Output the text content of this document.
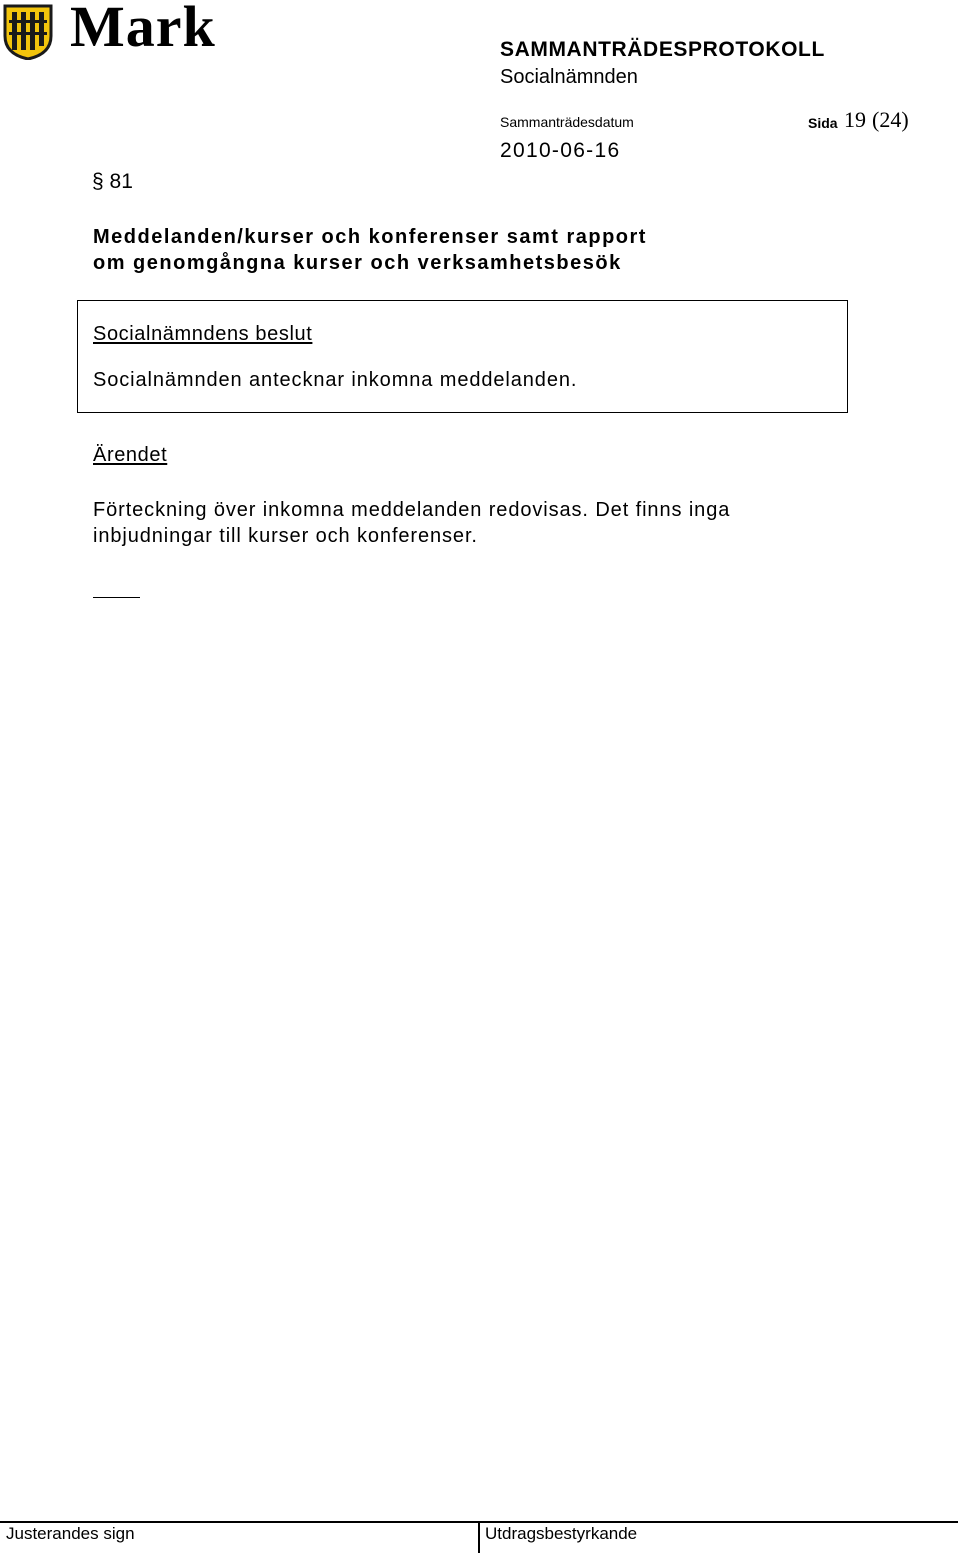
Mark	SAMMANTRÄDESPROTOKOLL
Socialnämnden
Sammanträdesdatum	Sida 19 (24)
2010-06-16
§ 81
Meddelanden/kurser och konferenser samt rapport
om genomgångna kurser och verksamhetsbesök
Socialnämndens beslut
Socialnämnden antecknar inkomna meddelanden.
Ärendet
Förteckning över inkomna meddelanden redovisas. Det finns inga
inbjudningar till kurser och konferenser.
Justerandes sign	Utdragsbestyrkande
